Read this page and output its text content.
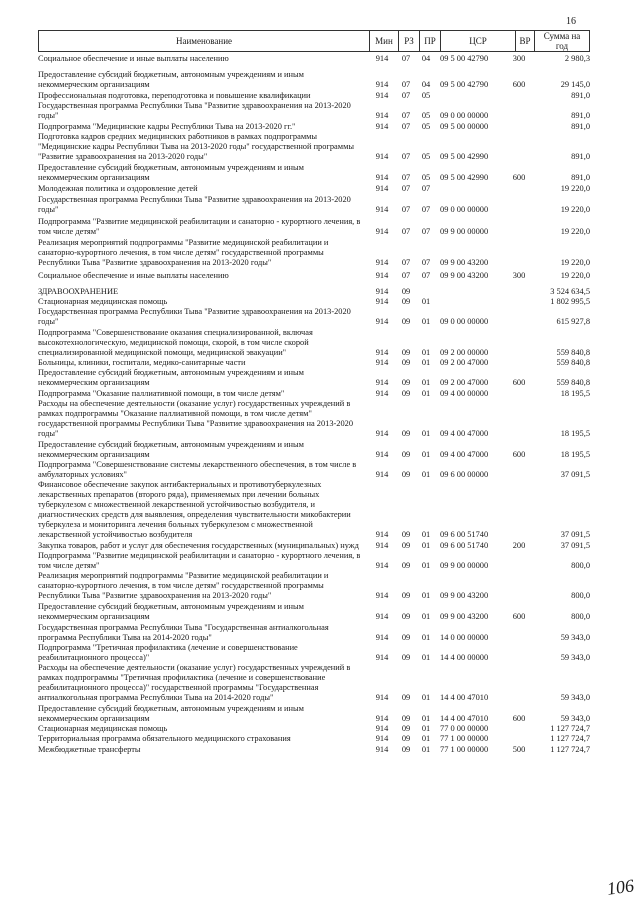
16
Наименование	Мин	РЗ	ПР	ЦСР	ВР	Сумма на год
Социальное обеспечение и иные выплаты населению	914	07	04	09 5 00 42790	300	2 980,3
Предоставление субсидий бюджетным, автономным учреждениям и иным некоммерческим организациям	914	07	04	09 5 00 42790	600	29 145,0
Профессиональная подготовка, переподготовка и повышение квалификации	914	07	05	891,0
Государственная программа Республики Тыва "Развитие здравоохранения на 2013-2020 годы"	914	07	05	09 0 00 00000	891,0
Подпрограмма "Медицинские кадры Республики Тыва на 2013-2020 гг."	914	07	05	09 5 00 00000	891,0
Подготовка кадров средних медицинских работников в рамках подпрограммы "Медицинские кадры Республики Тыва на 2013-2020 годы" государственной программы "Развитие здравоохранения на 2013-2020 годы"	914	07	05	09 5 00 42990	891,0
Предоставление субсидий бюджетным, автономным учреждениям и иным некоммерческим организациям	914	07	05	09 5 00 42990	600	891,0
Молодежная политика и оздоровление детей	914	07	07	19 220,0
Государственная программа Республики Тыва "Развитие здравоохранения на 2013-2020 годы"	914	07	07	09 0 00 00000	19 220,0
Подпрограмма "Развитие медицинской реабилитации и санаторно - курортного лечения, в том числе детям"	914	07	07	09 9 00 00000	19 220,0
Реализация мероприятий подпрограммы "Развитие медицинской реабилитации и санаторно-курортного лечения, в том числе детям" государственной программы Республики Тыва "Развитие здравоохранения на 2013-2020 годы"	914	07	07	09 9 00 43200	19 220,0
Социальное обеспечение и иные выплаты населению	914	07	07	09 9 00 43200	300	19 220,0
ЗДРАВООХРАНЕНИЕ	914	09	3 524 634,5
Стационарная медицинская помощь	914	09	01	1 802 995,5
Государственная программа Республики Тыва "Развитие здравоохранения на 2013-2020 годы"	914	09	01	09 0 00 00000	615 927,8
Подпрограмма "Совершенствование оказания специализированной, включая высокотехнологическую, медицинской помощи, скорой, в том числе скорой специализированной медицинской помощи, медицинской эвакуации"	914	09	01	09 2 00 00000	559 840,8
Больницы, клиники, госпитали, медико-санитарные части	914	09	01	09 2 00 47000	559 840,8
Предоставление субсидий бюджетным, автономным учреждениям и иным некоммерческим организациям	914	09	01	09 2 00 47000	600	559 840,8
Подпрограмма "Оказание паллиативной помощи, в том числе детям"	914	09	01	09 4 00 00000	18 195,5
Расходы на обеспечение деятельности (оказание услуг) государственных учреждений в рамках подпрограммы "Оказание паллиативной помощи, в том числе детям" государственной программы Республики Тыва "Развитие здравоохранения на 2013-2020 годы"	914	09	01	09 4 00 47000	18 195,5
Предоставление субсидий бюджетным, автономным учреждениям и иным некоммерческим организациям	914	09	01	09 4 00 47000	600	18 195,5
Подпрограмма "Совершенствование системы лекарственного обеспечения, в том числе в амбулаторных условиях"	914	09	01	09 6 00 00000	37 091,5
Финансовое обеспечение закупок антибактериальных и противотуберкулезных лекарственных препаратов (второго ряда), применяемых при лечении больных туберкулезом с множественной лекарственной устойчивостью возбудителя, и диагностических средств для выявления, определения чувствительности микобактерии туберкулеза и мониторинга лечения больных туберкулезом с множественной лекарственной устойчивостью возбудителя	914	09	01	09 6 00 51740	37 091,5
Закупка товаров, работ и услуг для обеспечения государственных (муниципальных) нужд	914	09	01	09 6 00 51740	200	37 091,5
Подпрограмма "Развитие медицинской реабилитации и санаторно - курортного лечения, в том числе детям"	914	09	01	09 9 00 00000	800,0
Реализация мероприятий подпрограммы "Развитие медицинской реабилитации и санаторно-курортного лечения, в том числе детям" государственной программы Республики Тыва "Развитие здравоохранения на 2013-2020 годы"	914	09	01	09 9 00 43200	800,0
Предоставление субсидий бюджетным, автономным учреждениям и иным некоммерческим организациям	914	09	01	09 9 00 43200	600	800,0
Государственная программа Республики Тыва "Государственная антиалкогольная программа Республики Тыва на 2014-2020 годы"	914	09	01	14 0 00 00000	59 343,0
Подпрограмма "Третичная профилактика (лечение и совершенствование реабилитационного процесса)"	914	09	01	14 4 00 00000	59 343,0
Расходы на обеспечение деятельности (оказание услуг) государственных учреждений в рамках подпрограммы "Третичная профилактика (лечение и совершенствование реабилитационного процесса)" государственной программы "Государственная антиалкогольная программа Республики Тыва на 2014-2020 годы"	914	09	01	14 4 00 47010	59 343,0
Предоставление субсидий бюджетным, автономным учреждениям и иным некоммерческим организациям	914	09	01	14 4 00 47010	600	59 343,0
Стационарная медицинская помощь	914	09	01	77 0 00 00000	1 127 724,7
Территориальная программа обязательного медицинского страхования	914	09	01	77 1 00 00000	1 127 724,7
Межбюджетные трансферты	914	09	01	77 1 00 00000	500	1 127 724,7
106
